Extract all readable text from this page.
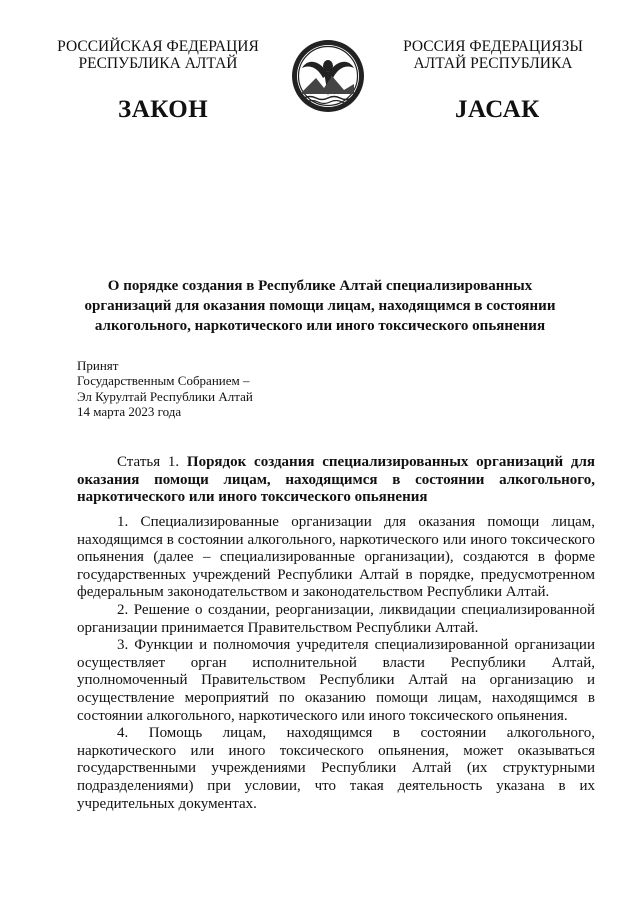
РОССИЙСКАЯ ФЕДЕРАЦИЯ
РЕСПУБЛИКА АЛТАЙ
РОССИЯ ФЕДЕРАЦИЯЗЫ
АЛТАЙ РЕСПУБЛИКА
ЗАКОН	JАСАК
О порядке создания в Республике Алтай специализированных организаций для оказания помощи лицам, находящимся в состоянии алкогольного, наркотического или иного токсического опьянения
Принят
Государственным Собранием –
Эл Курултай Республики Алтай
14 марта 2023 года
Статья 1. Порядок создания специализированных организаций для оказания помощи лицам, находящимся в состоянии алкогольного, наркотического или иного токсического опьянения

1. Специализированные организации для оказания помощи лицам, находящимся в состоянии алкогольного, наркотического или иного токсического опьянения (далее – специализированные организации), создаются в форме государственных учреждений Республики Алтай в порядке, предусмотренном федеральным законодательством и законодательством Республики Алтай.

2. Решение о создании, реорганизации, ликвидации специализированной организации принимается Правительством Республики Алтай.

3. Функции и полномочия учредителя специализированной организации осуществляет орган исполнительной власти Республики Алтай, уполномоченный Правительством Республики Алтай на организацию и осуществление мероприятий по оказанию помощи лицам, находящимся в состоянии алкогольного, наркотического или иного токсического опьянения.

4. Помощь лицам, находящимся в состоянии алкогольного, наркотического или иного токсического опьянения, может оказываться государственными учреждениями Республики Алтай (их структурными подразделениями) при условии, что такая деятельность указана в их учредительных документах.
